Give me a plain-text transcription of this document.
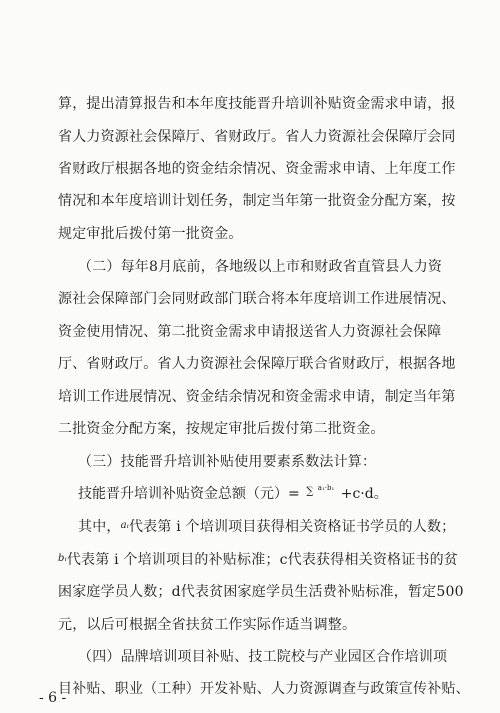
算，提出清算报告和本年度技能晋升培训补贴资金需求申请，报

省人力资源社会保障厅、省财政厅。省人力资源社会保障厅会同

省财政厅根据各地的资金结余情况、资金需求申请、上年度工作

情况和本年度培训计划任务，制定当年第一批资金分配方案，按

规定审批后拨付第一批资金。

（二）每年8月底前，各地级以上市和财政省直管县人力资

源社会保障部门会同财政部门联合将本年度培训工作进展情况、

资金使用情况、第二批资金需求申请报送省人力资源社会保障

厅、省财政厅。省人力资源社会保障厅联合省财政厅，根据各地

培训工作进展情况、资金结余情况和资金需求申请，制定当年第

二批资金分配方案，按规定审批后拨付第二批资金。

（三）技能晋升培训补贴使用要素系数法计算：

技能晋升培训补贴资金总额（元）= ∑ $^{a_1\cdot b_1}$ +c·d。

其中，$^{aᵢ}$代表第 i 个培训项目获得相关资格证书学员的人数；

$^{bᵢ}$代表第 i 个培训项目的补贴标准；c代表获得相关资格证书的贫

困家庭学员人数；d代表贫困家庭学员生活费补贴标准，暂定500

元，以后可根据全省扶贫工作实际作适当调整。

（四）品牌培训项目补贴、技工院校与产业园区合作培训项

目补贴、职业（工种）开发补贴、人力资源调查与政策宣传补贴、

- 6 -
